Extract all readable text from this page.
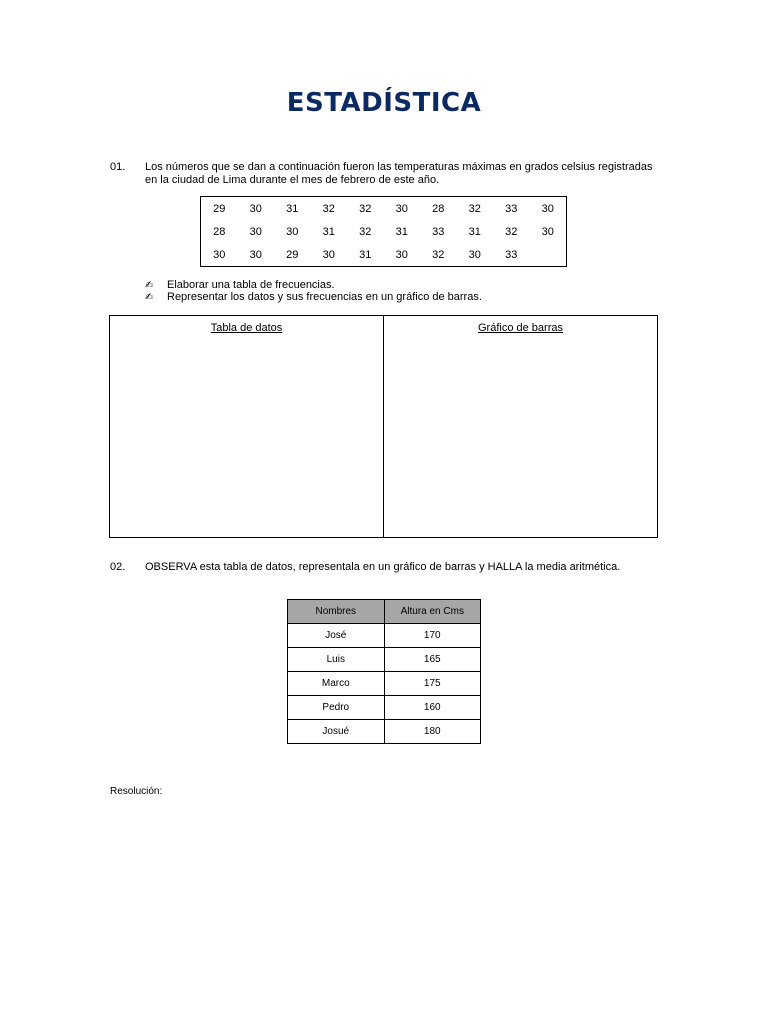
ESTADÍSTICA
01. Los números que se dan a continuación fueron las temperaturas máximas en grados celsius registradas
en la ciudad de Lima durante el mes de febrero de este año.
29	30	31	32	32	30	28	32	33	30
28	30	30	31	32	31	33	31	32	30
30	30	29	30	31	30	32	30	33	
✍ Elaborar una tabla de frecuencias.
✍ Representar los datos y sus frecuencias en un gráfico de barras.
Tabla de datos	Gráfico de barras
02. OBSERVA esta tabla de datos, representala en un gráfico de barras y HALLA la media aritmética.
Nombres	Altura en Cms
José	170
Luis	165
Marco	175
Pedro	160
Josué	180
Resolución:
